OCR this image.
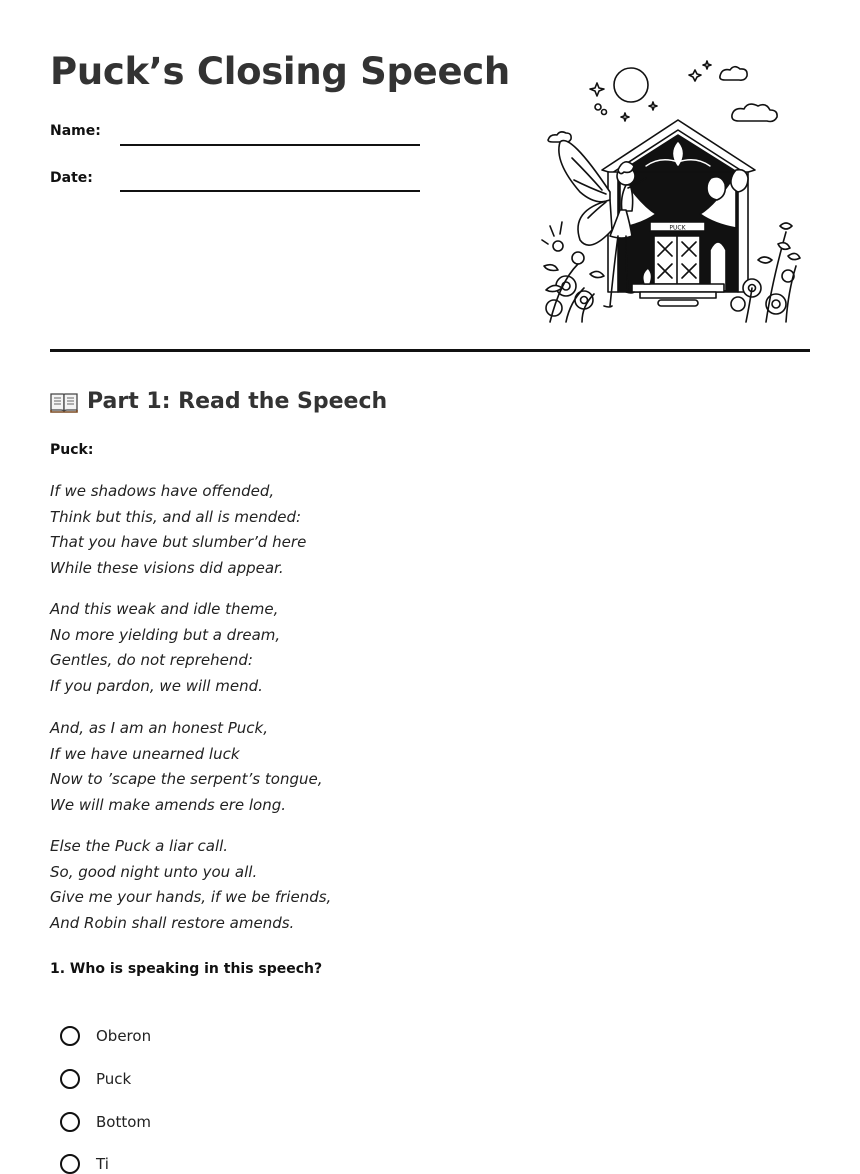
Puck’s Closing Speech
Name:
Date:
PUCK
Part 1: Read the Speech
Puck:

If we shadows have offended,
Think but this, and all is mended:
That you have but slumber’d here
While these visions did appear.

And this weak and idle theme,
No more yielding but a dream,
Gentles, do not reprehend:
If you pardon, we will mend.

And, as I am an honest Puck,
If we have unearned luck
Now to ’scape the serpent’s tongue,
We will make amends ere long.

Else the Puck a liar call.
So, good night unto you all.
Give me your hands, if we be friends,
And Robin shall restore amends.

1. Who is speaking in this speech?
Oberon
Puck
Bottom
Ti
